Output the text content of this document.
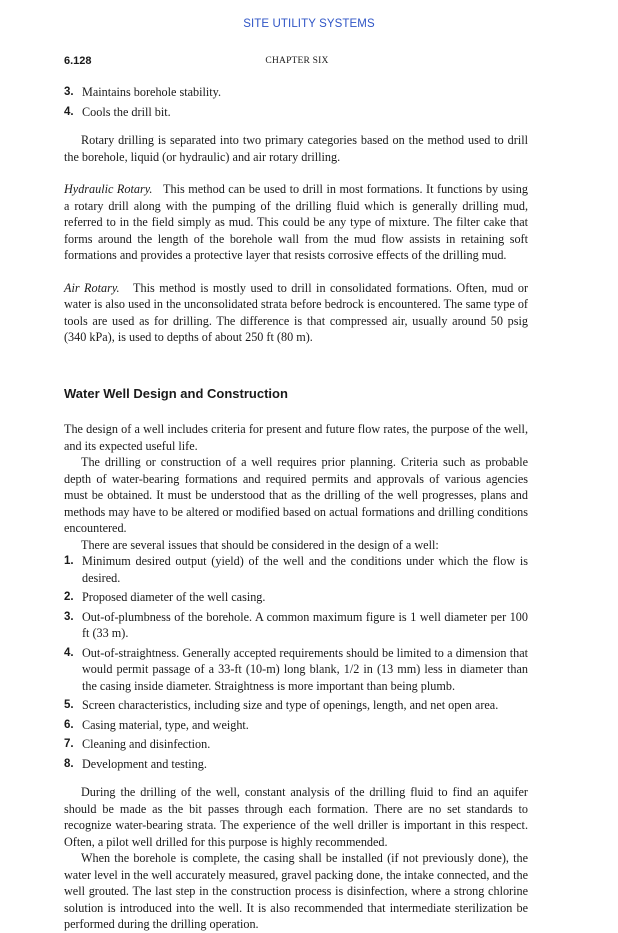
SITE UTILITY SYSTEMS
6.128	CHAPTER SIX
3. Maintains borehole stability.
4. Cools the drill bit.

Rotary drilling is separated into two primary categories based on the method used to drill the borehole, liquid (or hydraulic) and air rotary drilling.

Hydraulic Rotary. This method can be used to drill in most formations. It functions by using a rotary drill along with the pumping of the drilling fluid which is generally drilling mud, referred to in the field simply as mud. This could be any type of mixture. The filter cake that forms around the length of the borehole wall from the mud flow assists in retaining soft formations and provides a protective layer that resists corrosive effects of the drilling mud.

Air Rotary. This method is mostly used to drill in consolidated formations. Often, mud or water is also used in the unconsolidated strata before bedrock is encountered. The same type of tools are used as for drilling. The difference is that compressed air, usually around 50 psig (340 kPa), is used to depths of about 250 ft (80 m).

Water Well Design and Construction

The design of a well includes criteria for present and future flow rates, the purpose of the well, and its expected useful life.

The drilling or construction of a well requires prior planning. Criteria such as probable depth of water-bearing formations and required permits and approvals of various agencies must be obtained. It must be understood that as the drilling of the well progresses, plans and methods may have to be altered or modified based on actual formations and drilling conditions encountered.

There are several issues that should be considered in the design of a well:

1. Minimum desired output (yield) of the well and the conditions under which the flow is desired.
2. Proposed diameter of the well casing.
3. Out-of-plumbness of the borehole. A common maximum figure is 1 well diameter per 100 ft (33 m).
4. Out-of-straightness. Generally accepted requirements should be limited to a dimension that would permit passage of a 33-ft (10-m) long blank, 1/2 in (13 mm) less in diameter than the casing inside diameter. Straightness is more important than being plumb.
5. Screen characteristics, including size and type of openings, length, and net open area.
6. Casing material, type, and weight.
7. Cleaning and disinfection.
8. Development and testing.

During the drilling of the well, constant analysis of the drilling fluid to find an aquifer should be made as the bit passes through each formation. There are no set standards to recognize water-bearing strata. The experience of the well driller is important in this respect. Often, a pilot well drilled for this purpose is highly recommended.

When the borehole is complete, the casing shall be installed (if not previously done), the water level in the well accurately measured, gravel packing done, the intake connected, and the well grouted. The last step in the construction process is disinfection, where a strong chlorine solution is introduced into the well. It is also recommended that intermediate sterilization be performed during the drilling operation.
